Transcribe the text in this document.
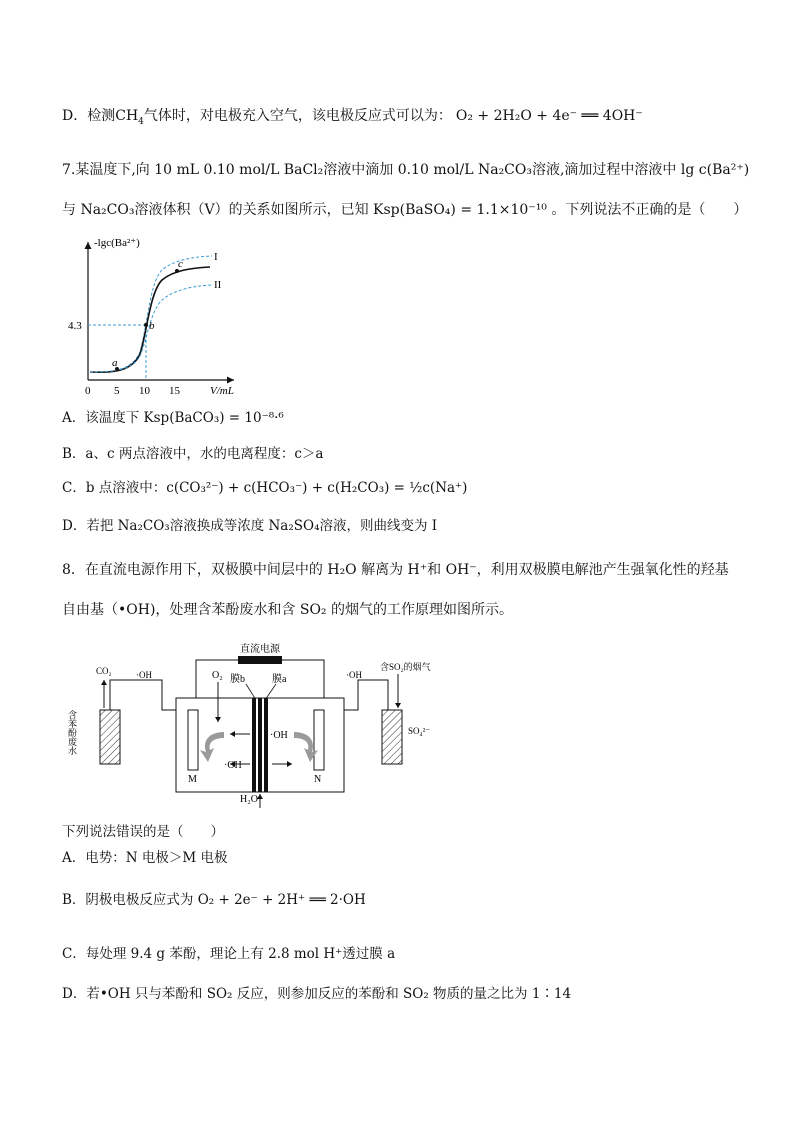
D．检测$CH_4$气体时，对电极充入空气，该电极反应式可以为： O₂ + 2H₂O + 4e⁻ ══ 4OH⁻
7.某温度下,向 10 mL 0.10 mol/L BaCl₂溶液中滴加 0.10 mol/L Na₂CO₃溶液,滴加过程中溶液中 lg c(Ba²⁺)
与 Na₂CO₃溶液体积（V）的关系如图所示，已知 Ksp(BaSO₄) = 1.1×10⁻¹⁰ 。下列说法不正确的是（　　）
-lgc(Ba²⁺)
V/mL
0 5 10 15
4.3
I
II
a
b
c
A．该温度下 Ksp(BaCO₃) = 10⁻⁸·⁶
B．a、c 两点溶液中，水的电离程度：c＞a
C．b 点溶液中：c(CO₃²⁻) + c(HCO₃⁻) + c(H₂CO₃) = ½c(Na⁺)
D．若把 Na₂CO₃溶液换成等浓度 Na₂SO₄溶液，则曲线变为 I
8．在直流电源作用下，双极膜中间层中的 H₂O 解离为 H⁺和 OH⁻，利用双极膜电解池产生强氧化性的羟基
自由基（•OH)，处理含苯酚废水和含 SO₂ 的烟气的工作原理如图所示。
直流电源
M	N
膜b	膜a
O₂
·OH
·OH
H₂O
CO₂	·OH
含苯酚废水
·OH
含SO₂的烟气
SO₄²⁻
下列说法错误的是（　　）
A．电势：N 电极＞M 电极
B．阴极电极反应式为 O₂ + 2e⁻ + 2H⁺ ══ 2·OH
C．每处理 9.4 g 苯酚，理论上有 2.8 mol H⁺透过膜 a
D．若•OH 只与苯酚和 SO₂ 反应，则参加反应的苯酚和 SO₂ 物质的量之比为 1∶14
